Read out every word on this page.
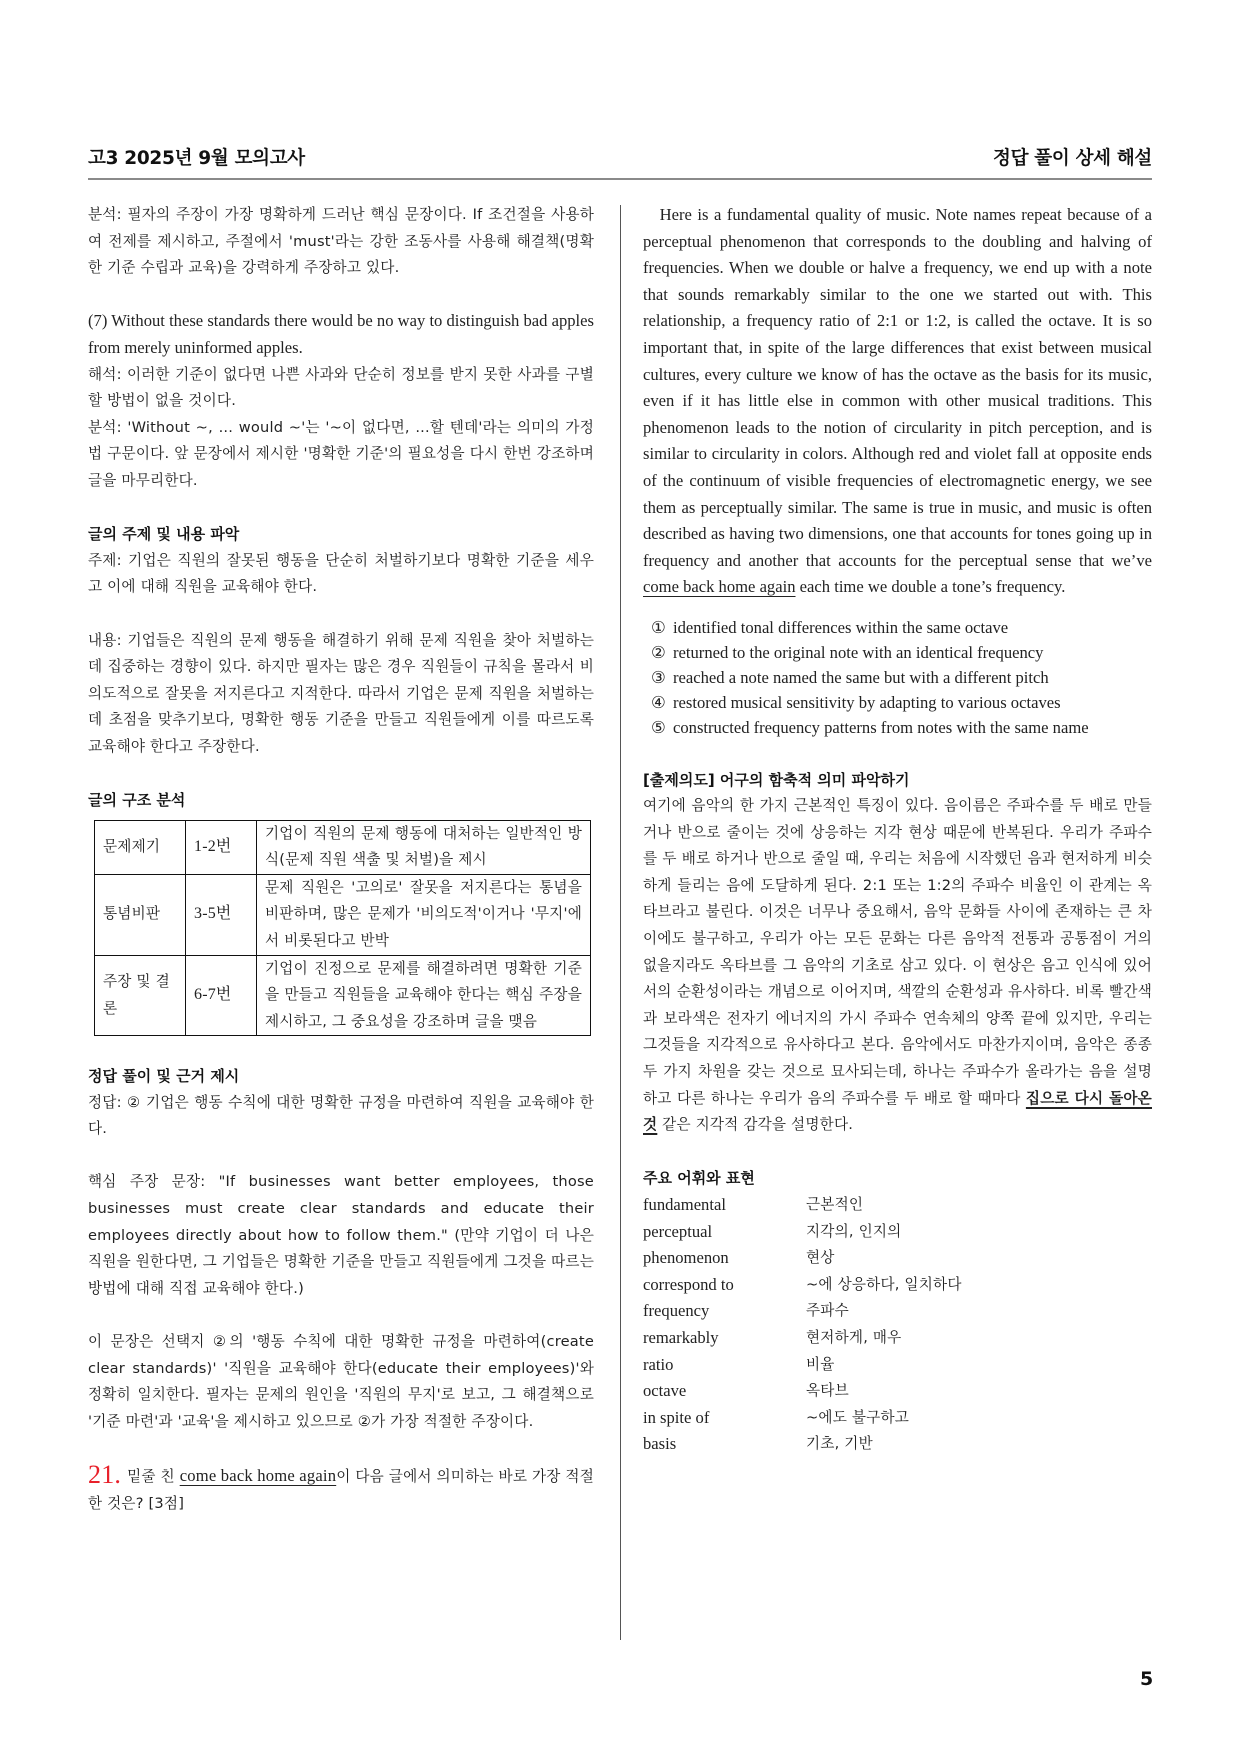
고3 2025년 9월 모의고사	정답 풀이 상세 해설

분석: 필자의 주장이 가장 명확하게 드러난 핵심 문장이다. If 조건절을 사용하여 전제를 제시하고, 주절에서 'must'라는 강한 조동사를 사용해 해결책(명확한 기준 수립과 교육)을 강력하게 주장하고 있다.

(7) Without these standards there would be no way to distinguish bad apples from merely uninformed apples.

해석: 이러한 기준이 없다면 나쁜 사과와 단순히 정보를 받지 못한 사과를 구별할 방법이 없을 것이다.

분석: 'Without ~, ... would ~'는 '~이 없다면, ...할 텐데'라는 의미의 가정법 구문이다. 앞 문장에서 제시한 '명확한 기준'의 필요성을 다시 한번 강조하며 글을 마무리한다.

글의 주제 및 내용 파악

주제: 기업은 직원의 잘못된 행동을 단순히 처벌하기보다 명확한 기준을 세우고 이에 대해 직원을 교육해야 한다.

내용: 기업들은 직원의 문제 행동을 해결하기 위해 문제 직원을 찾아 처벌하는 데 집중하는 경향이 있다. 하지만 필자는 많은 경우 직원들이 규칙을 몰라서 비의도적으로 잘못을 저지른다고 지적한다. 따라서 기업은 문제 직원을 처벌하는 데 초점을 맞추기보다, 명확한 행동 기준을 만들고 직원들에게 이를 따르도록 교육해야 한다고 주장한다.

글의 구조 분석

문제제기	1-2번	기업이 직원의 문제 행동에 대처하는 일반적인 방식(문제 직원 색출 및 처벌)을 제시
통념비판	3-5번	문제 직원은 '고의로' 잘못을 저지른다는 통념을 비판하며, 많은 문제가 '비의도적'이거나 '무지'에서 비롯된다고 반박
주장 및 결론	6-7번	기업이 진정으로 문제를 해결하려면 명확한 기준을 만들고 직원들을 교육해야 한다는 핵심 주장을 제시하고, 그 중요성을 강조하며 글을 맺음

정답 풀이 및 근거 제시

정답: ② 기업은 행동 수칙에 대한 명확한 규정을 마련하여 직원을 교육해야 한다.

핵심 주장 문장: "If businesses want better employees, those businesses must create clear standards and educate their employees directly about how to follow them." (만약 기업이 더 나은 직원을 원한다면, 그 기업들은 명확한 기준을 만들고 직원들에게 그것을 따르는 방법에 대해 직접 교육해야 한다.)

이 문장은 선택지 ②의 '행동 수칙에 대한 명확한 규정을 마련하여(create clear standards)' '직원을 교육해야 한다(educate their employees)'와 정확히 일치한다. 필자는 문제의 원인을 '직원의 무지'로 보고, 그 해결책으로 '기준 마련'과 '교육'을 제시하고 있으므로 ②가 가장 적절한 주장이다.

21. 밑줄 친 come back home again이 다음 글에서 의미하는 바로 가장 적절한 것은? [3점]

Here is a fundamental quality of music. Note names repeat because of a perceptual phenomenon that corresponds to the doubling and halving of frequencies. When we double or halve a frequency, we end up with a note that sounds remarkably similar to the one we started out with. This relationship, a frequency ratio of 2:1 or 1:2, is called the octave. It is so important that, in spite of the large differences that exist between musical cultures, every culture we know of has the octave as the basis for its music, even if it has little else in common with other musical traditions. This phenomenon leads to the notion of circularity in pitch perception, and is similar to circularity in colors. Although red and violet fall at opposite ends of the continuum of visible frequencies of electromagnetic energy, we see them as perceptually similar. The same is true in music, and music is often described as having two dimensions, one that accounts for tones going up in frequency and another that accounts for the perceptual sense that we’ve come back home again each time we double a tone’s frequency.

① identified tonal differences within the same octave
② returned to the original note with an identical frequency
③ reached a note named the same but with a different pitch
④ restored musical sensitivity by adapting to various octaves
⑤ constructed frequency patterns from notes with the same name

[출제의도] 어구의 함축적 의미 파악하기

여기에 음악의 한 가지 근본적인 특징이 있다. 음이름은 주파수를 두 배로 만들거나 반으로 줄이는 것에 상응하는 지각 현상 때문에 반복된다. 우리가 주파수를 두 배로 하거나 반으로 줄일 때, 우리는 처음에 시작했던 음과 현저하게 비슷하게 들리는 음에 도달하게 된다. 2:1 또는 1:2의 주파수 비율인 이 관계는 옥타브라고 불린다. 이것은 너무나 중요해서, 음악 문화들 사이에 존재하는 큰 차이에도 불구하고, 우리가 아는 모든 문화는 다른 음악적 전통과 공통점이 거의 없을지라도 옥타브를 그 음악의 기초로 삼고 있다. 이 현상은 음고 인식에 있어서의 순환성이라는 개념으로 이어지며, 색깔의 순환성과 유사하다. 비록 빨간색과 보라색은 전자기 에너지의 가시 주파수 연속체의 양쪽 끝에 있지만, 우리는 그것들을 지각적으로 유사하다고 본다. 음악에서도 마찬가지이며, 음악은 종종 두 가지 차원을 갖는 것으로 묘사되는데, 하나는 주파수가 올라가는 음을 설명하고 다른 하나는 우리가 음의 주파수를 두 배로 할 때마다 집으로 다시 돌아온 것 같은 지각적 감각을 설명한다.

주요 어휘와 표현

fundamental	근본적인
perceptual	지각의, 인지의
phenomenon	현상
correspond to	~에 상응하다, 일치하다
frequency	주파수
remarkably	현저하게, 매우
ratio	비율
octave	옥타브
in spite of	~에도 불구하고
basis	기초, 기반
5
